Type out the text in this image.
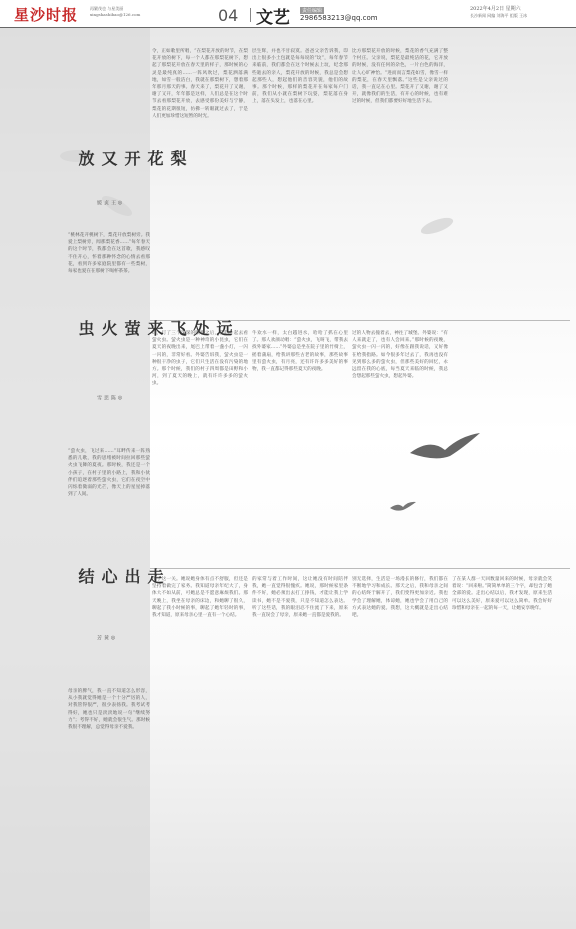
星沙时报	再繁茂也 与星美丽 xingshashibao@126.com	04 文艺	责任编辑
2986583213@qq.com
2022年4月2日 星期六
长沙新闻 网编 刘海平 组版 王冰
梨花开又放
◎王贞媛
“桃林花开桃树下，梨花开放梨树旁。我爱上梨树旁，闻那梨花香……”每年春天的这个时节，我都会在这首歌，我感叹不住开心，怀着那种怀念的心情去看那花，看到许多家庭院里都有一些梨树，每家也爱在在那树下喝杯茶茶。
令，正如歌里所唱，“在梨花开放的时节，在梨花开放的树下，每一个人都在那梨花树下，想起了那梨花开放在春天里的样子，那时候的心灵是最纯真的……一阵风吹过，梨花洒落满地，如雪一般洁白，我就在那梨树下，想着那年那月那天的事。春天来了，梨花开了又谢，谢了又开，年年都是这样，人们总是在这个时节去看那梨花开放，去感受那份美好与宁静，梨花的花期很短，仿佛一转眼就过去了，于是人们更加珍惜这短暂的时光。
层生辉，并也不甘寂寞。爸爸父亲告诉我，印出上很多小土包就是每每说的“坟”，每年春节来临前，我们都会在这个时候去上坟，纪念那些逝去的亲人，梨花开放的时候，我总是会想起那些人，想起他们的音容笑貌，他们的故事。那个时候，那样的梨花开在每家每户门前，我们从小就在梨树下玩耍，梨花落在身上，落在头发上，也落在心里。
比方那梨花开放的时候，梨花的香气充满了整个村庄。父亲说，梨花是最纯洁的花，它开放的时候，没有任何的杂色，一片白色的海洋，让人心旷神怡。“进而而言梨花如雪，像雪一样的梨花，在春天里飘落。”这些是父亲说过的话，我一直记在心里。梨花开了又谢，谢了又开，就像我们的生活，有开心的时候，也有难过的时候，但我们都要好好地生活下去。
远处飞来萤火虫
◎陈思雪
“萤火虫，飞过来……”耳畔传来一阵熟悉的儿歌，我的思绪被时间拉回那些萤火虫飞舞的夏夜。那时候，我还是一个小孩子，在村子里的小路上，我和小伙伴们追逐着那些萤火虫，它们在夜空中闪烁着微弱的光芒，像天上的星星掉落到了人间。
绿，打了三个深深的喷嚏之后，我们一起去看萤火虫。萤火虫是一种神奇的小昆虫，它们在夏天的夜晚出来，尾巴上带着一盏小灯，一闪一闪的，非常好看。外婆告诉我，萤火虫是一种很干净的虫子，它们只生活在没有污染的地方。那个时候，我们的村子四周都是田野和小河，到了夏天的晚上，就有许许多多的萤火虫。
牛欢水一样，太白越进水，哈哈了抓在心里了。那人欢颜动唱：“萤火虫，飞呀飞，带我去找外婆家……”外婆总是坐在院子里的竹椅上，摇着蒲扇，给我讲那些古老的故事，那些故事里有萤火虫，有月亮，还有许许多多美好的事物，我一直都记得那些夏天的夜晚。
过的人物去撞着去，神往了城堡。外婆说：“有人来就走了，也有人会回来。”那时候的夜晚，萤火虫一闪一闪的，好像在跟我说话，又好像在给我指路。如今很多年过去了，我再也没有见到那么多的萤火虫，但那些美好的回忆，永远留在我的心底，每当夏天来临的时候，我总会想起那些萤火虫，想起外婆。
走出心结
◎黄芳
母亲的脾气，我一直不知道怎么形容，从小我就觉得她是一个十分严厉的人，对我管得很严，很少表扬我。我考试考得好，她也只是淡淡地说一句“继续努力”；考得不好，她就会很生气。那时候我很不理解，总觉得母亲不爱我。
不了这一关。她说她身体有点不舒服，但还是坚持着做完了家务。我知道母亲年纪大了，身体大不如从前，可她总是不愿意麻烦我们。那天晚上，我坐在母亲的床边，和她聊了很久，聊起了我小时候的事，聊起了她年轻时的事，我才知道，原来母亲心里一直有一个心结。
的家常与着工作时间，这让她没有时间陪伴我，她一直觉得很愧疚。她说，那时候家里条件不好，她必须出去打工挣钱，才能让我上学读书，她不是不爱我，只是不知道怎么表达。听了这些话，我的眼泪忍不住流了下来，原来我一直误会了母亲，原来她一直都是爱我的。
别无选择，生活是一场漫长的修行，我们都在不断地学习和成长。那天之后，我和母亲之间的心结终于解开了，我们变得更加亲近。我也学会了理解她，体谅她，她也学会了用自己的方式表达她的爱。我想，这大概就是走出心结吧。
了在某人群一天回数量回来的时候，母亲就会笑着说：“回来啦。”简简单单的三个字，却包含了她全部的爱。走出心结以后，我才发现，原来生活可以这么美好，原来爱可以这么简单。我会好好珍惜和母亲在一起的每一天，让她安享晚年。
